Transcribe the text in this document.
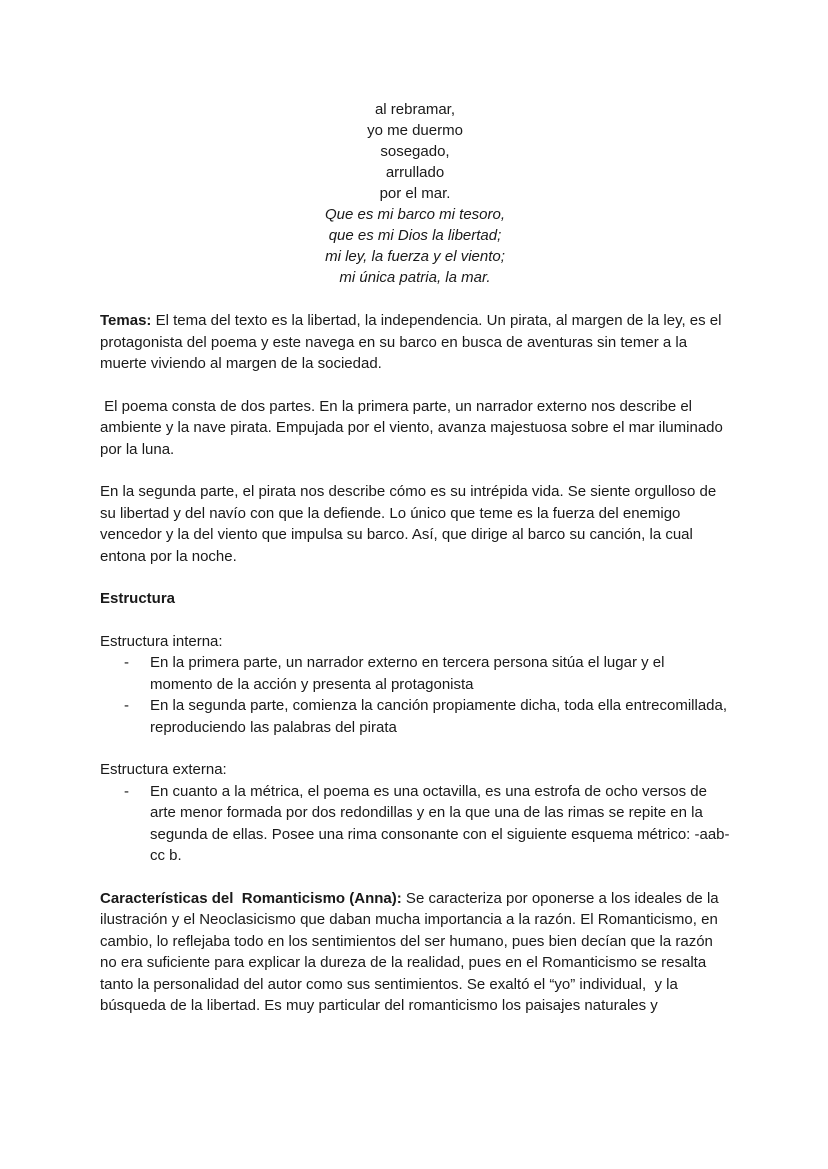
al rebramar,
yo me duermo
sosegado,
arrullado
por el mar.
Que es mi barco mi tesoro,
que es mi Dios la libertad;
mi ley, la fuerza y el viento;
mi única patria, la mar.

Temas: El tema del texto es la libertad, la independencia. Un pirata, al margen de la ley, es el protagonista del poema y este navega en su barco en busca de aventuras sin temer a la muerte viviendo al margen de la sociedad.

El poema consta de dos partes. En la primera parte, un narrador externo nos describe el ambiente y la nave pirata. Empujada por el viento, avanza majestuosa sobre el mar iluminado por la luna.

En la segunda parte, el pirata nos describe cómo es su intrépida vida. Se siente orgulloso de su libertad y del navío con que la defiende. Lo único que teme es la fuerza del enemigo vencedor y la del viento que impulsa su barco. Así, que dirige al barco su canción, la cual entona por la noche.

Estructura

Estructura interna:

- En la primera parte, un narrador externo en tercera persona sitúa el lugar y el momento de la acción y presenta al protagonista
- En la segunda parte, comienza la canción propiamente dicha, toda ella entrecomillada, reproduciendo las palabras del pirata

Estructura externa:

- En cuanto a la métrica, el poema es una octavilla, es una estrofa de ocho versos de arte menor formada por dos redondillas y en la que una de las rimas se repite en la segunda de ellas. Posee una rima consonante con el siguiente esquema métrico: -aab-cc b.

Características del  Romanticismo (Anna): Se caracteriza por oponerse a los ideales de la ilustración y el Neoclasicismo que daban mucha importancia a la razón. El Romanticismo, en cambio, lo reflejaba todo en los sentimientos del ser humano, pues bien decían que la razón no era suficiente para explicar la dureza de la realidad, pues en el Romanticismo se resalta tanto la personalidad del autor como sus sentimientos. Se exaltó el “yo” individual,  y la búsqueda de la libertad. Es muy particular del romanticismo los paisajes naturales y
